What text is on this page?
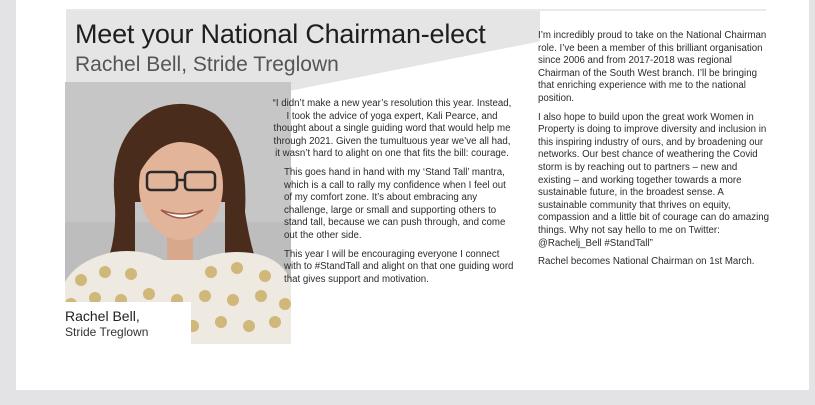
Meet your National Chairman-elect
Rachel Bell, Stride Treglown

Rachel Bell,

Stride Treglown

“I didn’t make a new year’s resolution this year. Instead, I took the advice of yoga expert, Kali Pearce, and thought about a single guiding word that would help me through 2021. Given the tumultuous year we’ve all had, it wasn’t hard to alight on one that fits the bill: courage.

This goes hand in hand with my ‘Stand Tall’ mantra, which is a call to rally my confidence when I feel out of my comfort zone. It’s about embracing any challenge, large or small and supporting others to stand tall, because we can push through, and come out the other side.

This year I will be encouraging everyone I connect with to #StandTall and alight on that one guiding word that gives support and motivation.

I’m incredibly proud to take on the National Chairman role. I’ve been a member of this brilliant organisation since 2006 and from 2017-2018 was regional Chairman of the South West branch. I’ll be bringing that enriching experience with me to the national position.

I also hope to build upon the great work Women in Property is doing to improve diversity and inclusion in this inspiring industry of ours, and by broadening our networks. Our best chance of weathering the Covid storm is by reaching out to partners – new and existing – and working together towards a more sustainable future, in the broadest sense. A sustainable community that thrives on equity, compassion and a little bit of courage can do amazing things. Why not say hello to me on Twitter: @Rachelj_Bell #StandTall”

Rachel becomes National Chairman on 1st March.
